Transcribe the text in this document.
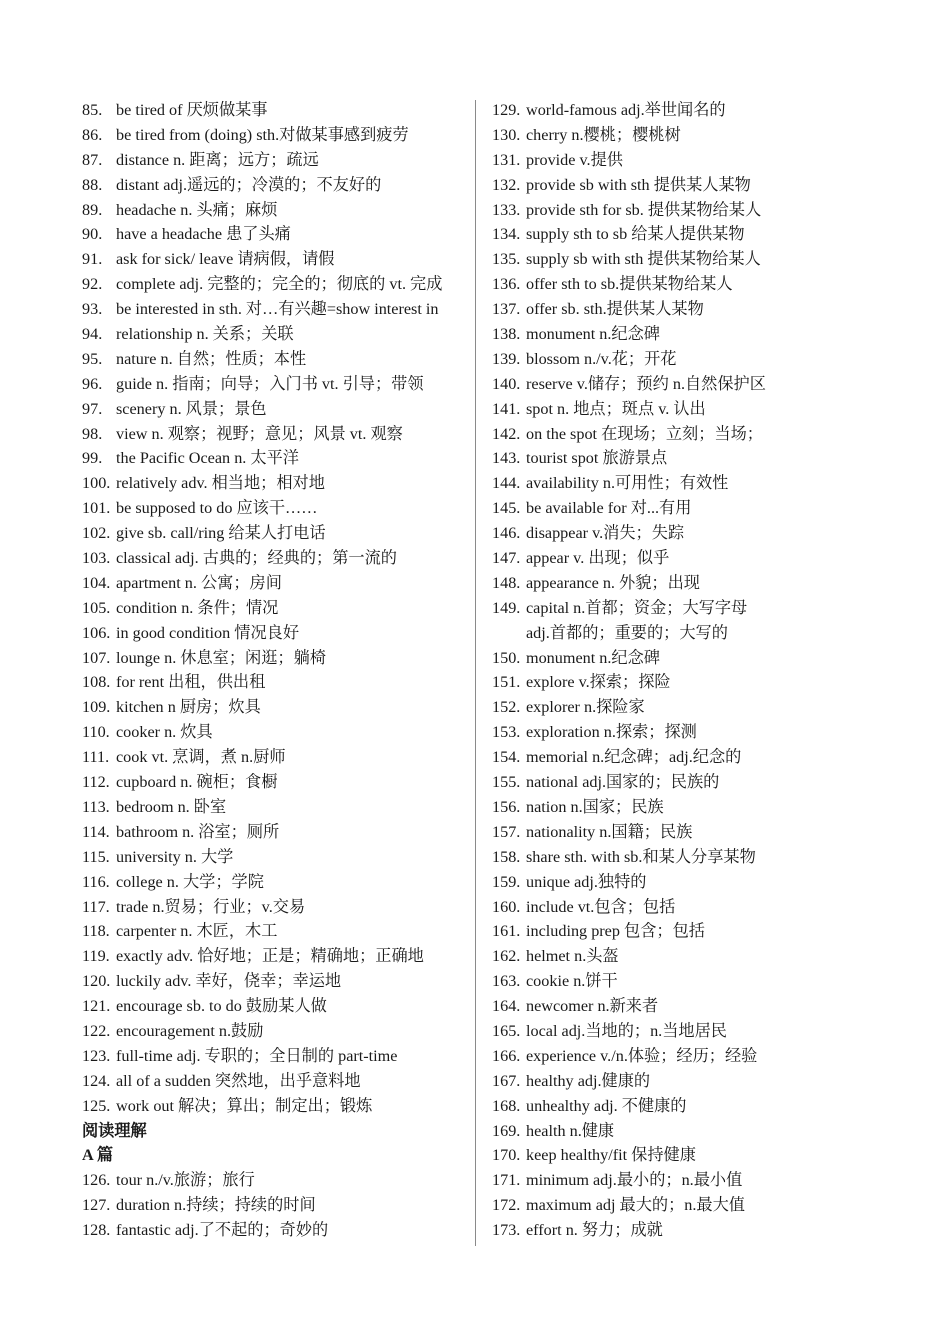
85. be tired of 厌烦做某事
86. be tired from (doing) sth.对做某事感到疲劳
87. distance n. 距离；远方；疏远
88. distant adj.遥远的；冷漠的；不友好的
89. headache n. 头痛；麻烦
90. have a headache 患了头痛
91. ask for sick/ leave 请病假，请假
92. complete adj. 完整的；完全的；彻底的 vt. 完成
93. be interested in sth. 对…有兴趣=show interest in
94. relationship n. 关系；关联
95. nature n. 自然；性质；本性
96. guide n. 指南；向导；入门书 vt. 引导；带领
97. scenery n. 风景；景色
98. view n. 观察；视野；意见；风景 vt. 观察
99. the Pacific Ocean n. 太平洋
100. relatively adv. 相当地；相对地
101. be supposed to do 应该干……
102. give sb. call/ring 给某人打电话
103. classical adj. 古典的；经典的；第一流的
104. apartment n. 公寓；房间
105. condition n. 条件；情况
106. in good condition 情况良好
107. lounge n. 休息室；闲逛；躺椅
108. for rent 出租，供出租
109. kitchen n 厨房；炊具
110. cooker n. 炊具
111. cook vt. 烹调，煮 n.厨师
112. cupboard n. 碗柜；食橱
113. bedroom n. 卧室
114. bathroom n. 浴室；厕所
115. university n. 大学
116. college n. 大学；学院
117. trade n.贸易；行业；v.交易
118. carpenter n. 木匠，木工
119. exactly adv. 恰好地；正是；精确地；正确地
120. luckily adv. 幸好，侥幸；幸运地
121. encourage sb. to do 鼓励某人做
122. encouragement n.鼓励
123. full-time adj. 专职的；全日制的 part-time
124. all of a sudden 突然地，出乎意料地
125. work out 解决；算出；制定出；锻炼
阅读理解
A 篇
126. tour n./v.旅游；旅行
127. duration n.持续；持续的时间
128. fantastic adj.了不起的；奇妙的
129. world-famous adj.举世闻名的
130. cherry n.樱桃；樱桃树
131. provide v.提供
132. provide sb with sth 提供某人某物
133. provide sth for sb. 提供某物给某人
134. supply sth to sb 给某人提供某物
135. supply sb with sth 提供某物给某人
136. offer sth to sb.提供某物给某人
137. offer sb. sth.提供某人某物
138. monument n.纪念碑
139. blossom n./v.花；开花
140. reserve v.储存；预约 n.自然保护区
141. spot n. 地点；斑点 v. 认出
142. on the spot 在现场；立刻；当场；
143. tourist spot 旅游景点
144. availability n.可用性；有效性
145. be available for 对...有用
146. disappear v.消失；失踪
147. appear v. 出现；似乎
148. appearance n. 外貌；出现
149. capital n.首都；资金；大写字母
adj.首都的；重要的；大写的
150. monument n.纪念碑
151. explore v.探索；探险
152. explorer n.探险家
153. exploration n.探索；探测
154. memorial n.纪念碑；adj.纪念的
155. national adj.国家的；民族的
156. nation n.国家；民族
157. nationality n.国籍；民族
158. share sth. with sb.和某人分享某物
159. unique adj.独特的
160. include vt.包含；包括
161. including prep 包含；包括
162. helmet n.头盔
163. cookie n.饼干
164. newcomer n.新来者
165. local adj.当地的；n.当地居民
166. experience v./n.体验；经历；经验
167. healthy adj.健康的
168. unhealthy adj. 不健康的
169. health n.健康
170. keep healthy/fit 保持健康
171. minimum adj.最小的；n.最小值
172. maximum adj 最大的；n.最大值
173. effort n. 努力；成就
